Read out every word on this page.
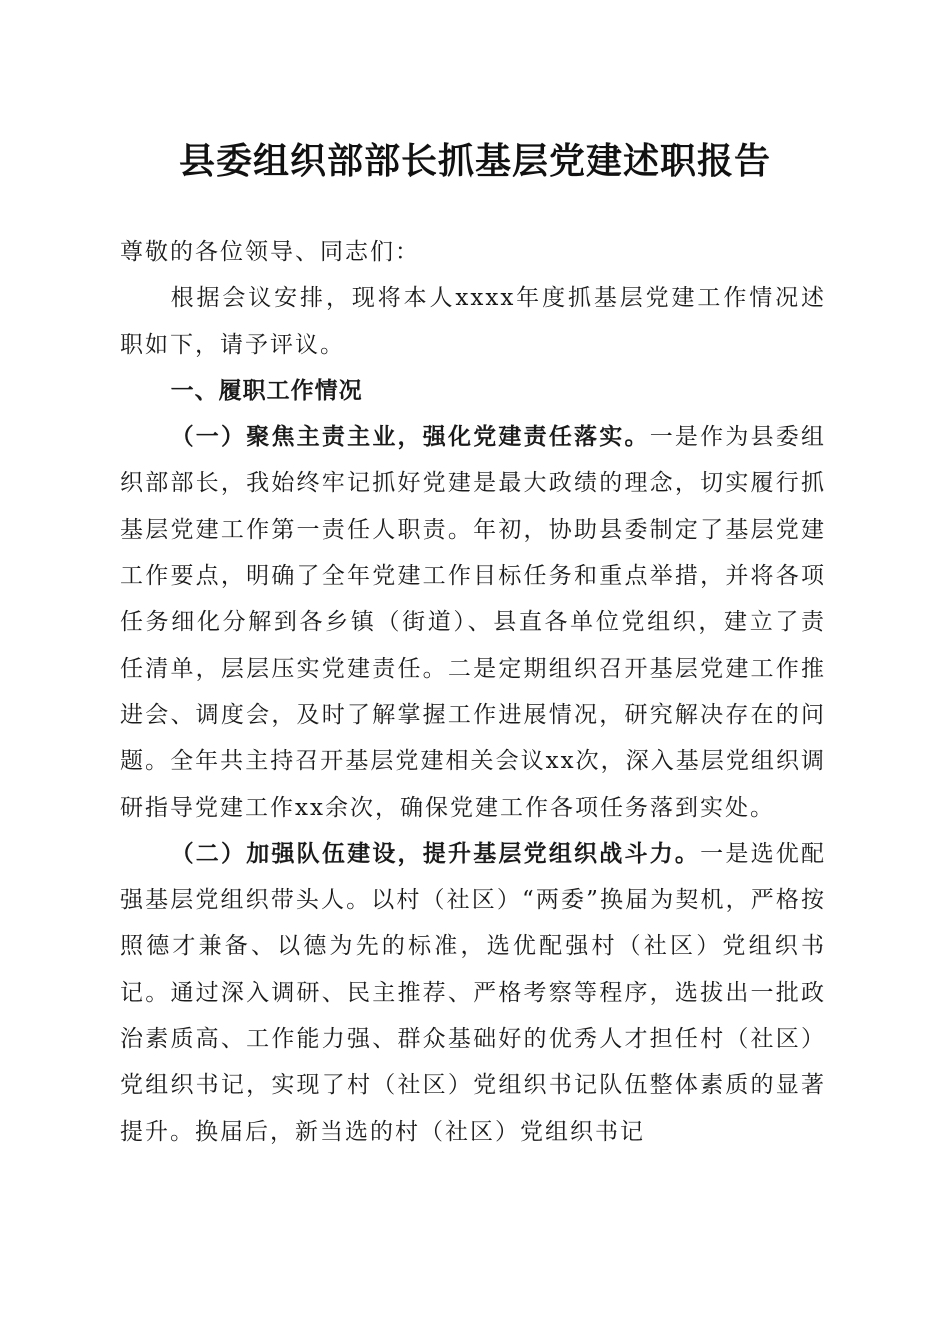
县委组织部部长抓基层党建述职报告

尊敬的各位领导、同志们：

根据会议安排，现将本人xxxx年度抓基层党建工作情况述职如下，请予评议。

一、履职工作情况

（一）聚焦主责主业，强化党建责任落实。一是作为县委组织部部长，我始终牢记抓好党建是最大政绩的理念，切实履行抓基层党建工作第一责任人职责。年初，协助县委制定了基层党建工作要点，明确了全年党建工作目标任务和重点举措，并将各项任务细化分解到各乡镇（街道）、县直各单位党组织，建立了责任清单，层层压实党建责任。二是定期组织召开基层党建工作推进会、调度会，及时了解掌握工作进展情况，研究解决存在的问题。全年共主持召开基层党建相关会议xx次，深入基层党组织调研指导党建工作xx余次，确保党建工作各项任务落到实处。

（二）加强队伍建设，提升基层党组织战斗力。一是选优配强基层党组织带头人。以村（社区）“两委”换届为契机，严格按照德才兼备、以德为先的标准，选优配强村（社区）党组织书记。通过深入调研、民主推荐、严格考察等程序，选拔出一批政治素质高、工作能力强、群众基础好的优秀人才担任村（社区）党组织书记，实现了村（社区）党组织书记队伍整体素质的显著提升。换届后，新当选的村（社区）党组织书记
